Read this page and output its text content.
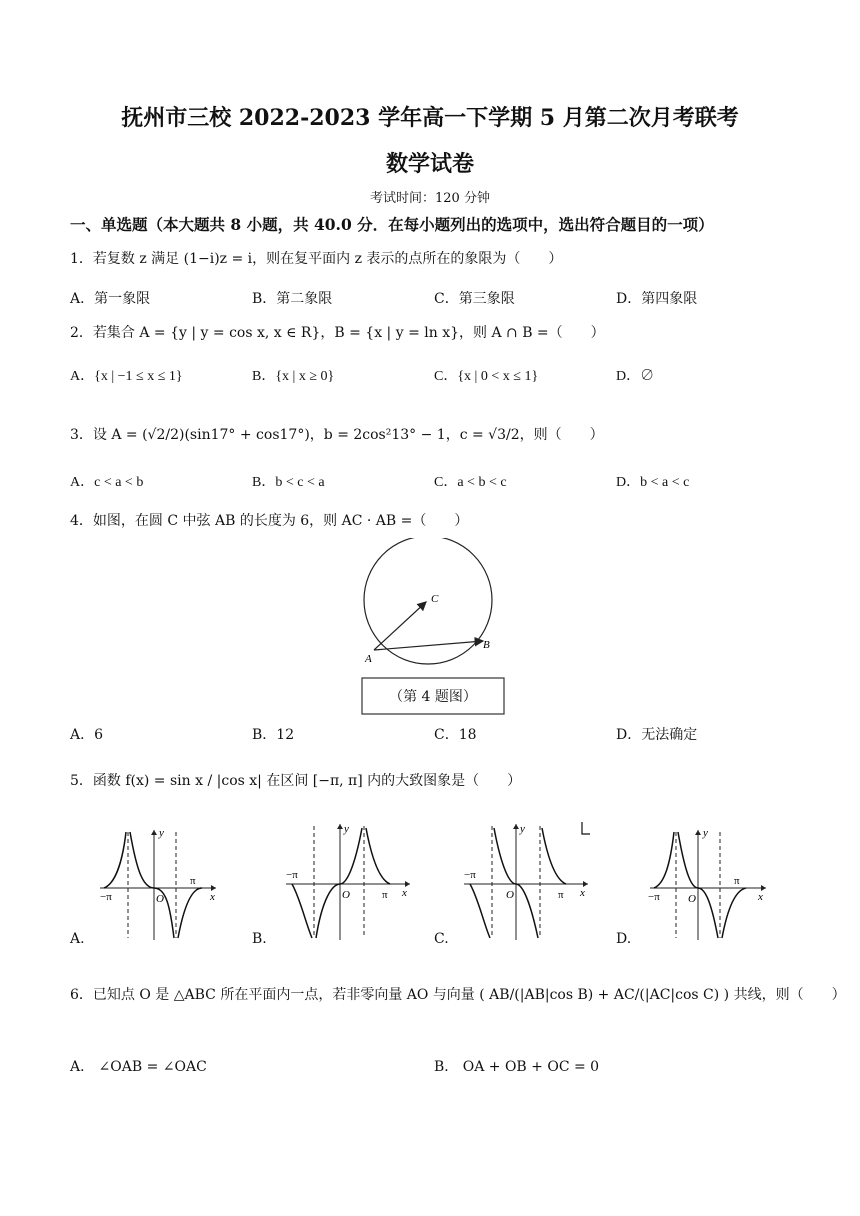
抚州市三校 2022-2023 学年高一下学期 5 月第二次月考联考
数学试卷
考试时间：120 分钟
一、单选题（本大题共 8 小题，共 40.0 分．在每小题列出的选项中，选出符合题目的一项）
1．若复数 z 满足 (1−i)z = i，则在复平面内 z 表示的点所在的象限为（　　）
A．第一象限	B．第二象限	C．第三象限	D．第四象限
2．若集合 A = {y | y = cos x, x ∈ R}，B = {x | y = ln x}，则 A ∩ B =（　　）
A．{x | −1 ≤ x ≤ 1}	B．{x | x ≥ 0}	C．{x | 0 < x ≤ 1}	D．∅
3．设 A = (√2/2)(sin17° + cos17°)，b = 2cos²13° − 1，c = √3/2，则（　　）
A．c < a < b	B．b < c < a	C．a < b < c	D．b < a < c
4．如图，在圆 C 中弦 AB 的长度为 6，则 AC · AB =（　　）
C
B
A
（第 4 题图）
A．6	B．12	C．18	D．无法确定
5．函数 f(x) = sin x / |cos x| 在区间 [−π, π] 内的大致图象是（　　）
y
x
O
π
−π
y
x
O	π
−π
y
x
O	π
−π
y
x
O
π
−π
A.	B.	C.	D.
6．已知点 O 是 △ABC 所在平面内一点，若非零向量 AO 与向量 ( AB/(|AB|cos B) + AC/(|AC|cos C) ) 共线，则（　　）
A． ∠OAB = ∠OAC	B． OA + OB + OC = 0
